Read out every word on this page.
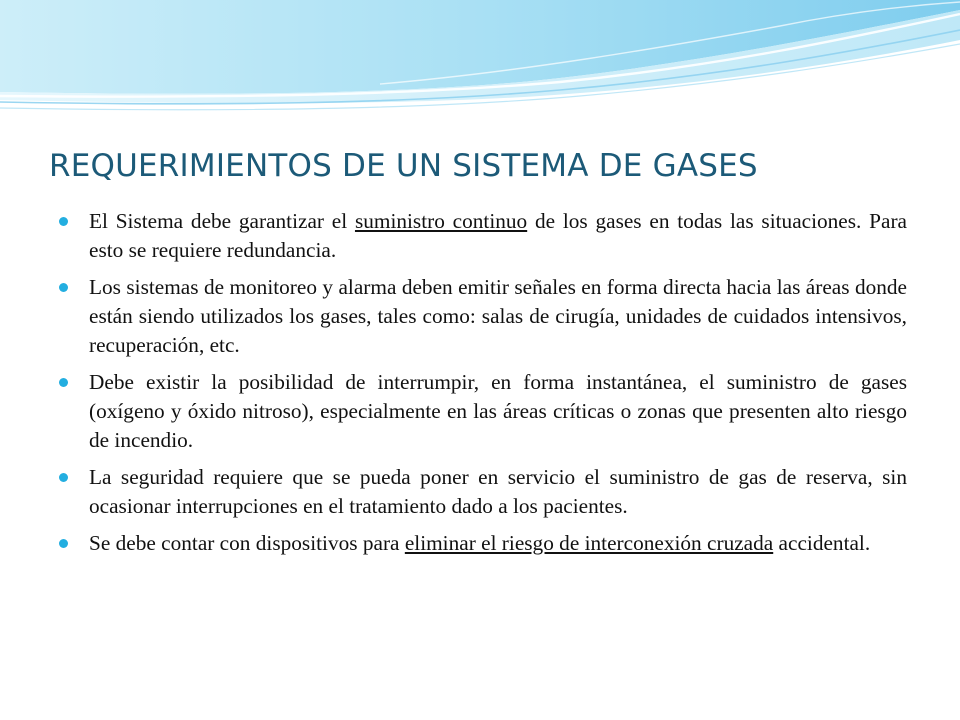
REQUERIMIENTOS DE UN SISTEMA DE GASES
El Sistema debe garantizar el suministro continuo de los gases en todas las situaciones. Para esto se requiere redundancia.
Los sistemas de monitoreo y alarma deben emitir señales en forma directa hacia las áreas donde están siendo utilizados los gases, tales como: salas de cirugía, unidades de cuidados intensivos, recuperación, etc.
Debe existir la posibilidad de interrumpir, en forma instantánea, el suministro de gases (oxígeno y óxido nitroso), especialmente en las áreas críticas o zonas que presenten alto riesgo de incendio.
La seguridad requiere que se pueda poner en servicio el suministro de gas de reserva, sin ocasionar interrupciones en el tratamiento dado a los pacientes.
Se debe contar con dispositivos para eliminar el riesgo de interconexión cruzada accidental.
